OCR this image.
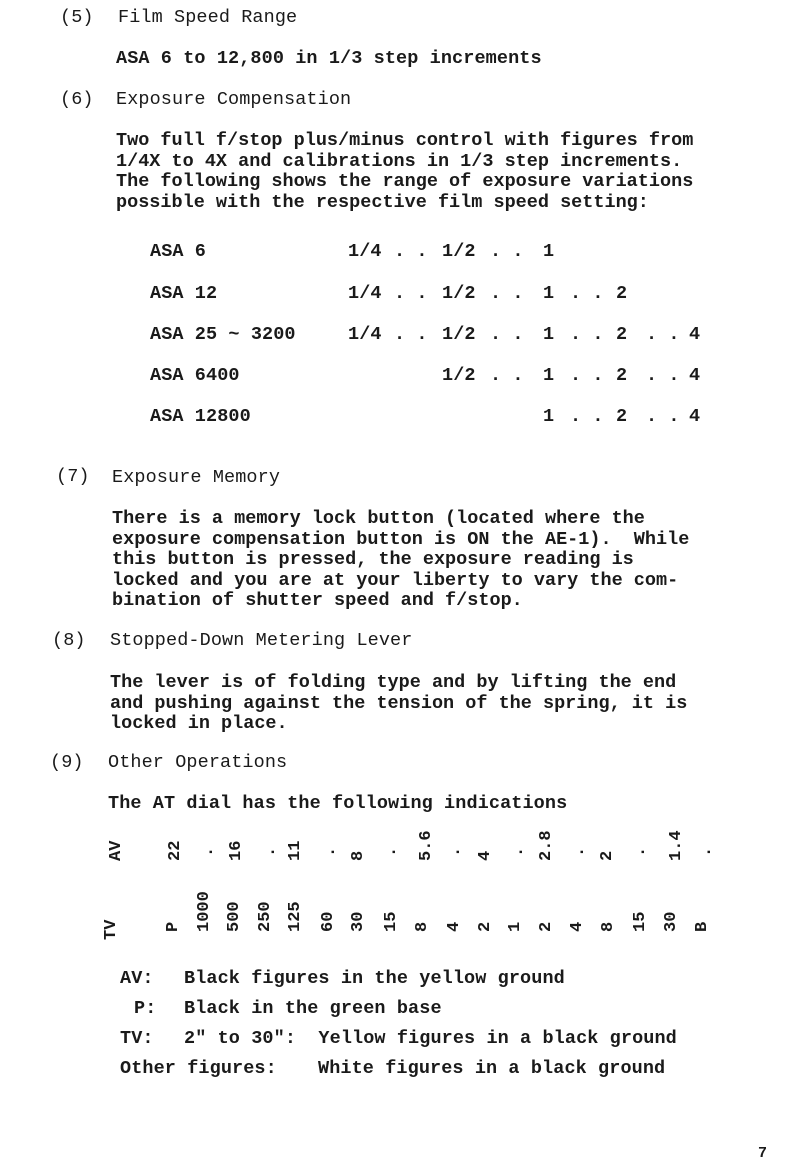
(5) Film Speed Range
ASA 6 to 12,800 in 1/3 step increments
(6) Exposure Compensation
Two full f/stop plus/minus control with figures from
1/4X to 4X and calibrations in 1/3 step increments.
The following shows the range of exposure variations
possible with the respective film speed setting:
ASA 6	1/4 . . 1/2 . . 1
ASA 12	1/4 . . 1/2 . . 1 . . 2
ASA 25 ~ 3200	1/4 . . 1/2 . . 1 . . 2 . . 4
ASA 6400	1/2 . . 1 . . 2 . . 4
ASA 12800	1 . . 2 . . 4
(7) Exposure Memory
There is a memory lock button (located where the
exposure compensation button is ON the AE-1).  While
this button is pressed, the exposure reading is
locked and you are at your liberty to vary the com-
bination of shutter speed and f/stop.
(8) Stopped-Down Metering Lever
The lever is of folding type and by lifting the end
and pushing against the tension of the spring, it is
locked in place.
(9) Other Operations
The AT dial has the following indications
AV 22 . 16 . 11 . 8 . 5.6 . 4 . 2.8 . 2 . 1.4 .
TV	P 1000 500 250 125 60 30 15 8 4 2 1 2 4 8 15 30 B
AV: Black figures in the yellow ground
P: Black in the green base
TV: 2" to 30":  Yellow figures in a black ground
Other figures: White figures in a black ground
7
